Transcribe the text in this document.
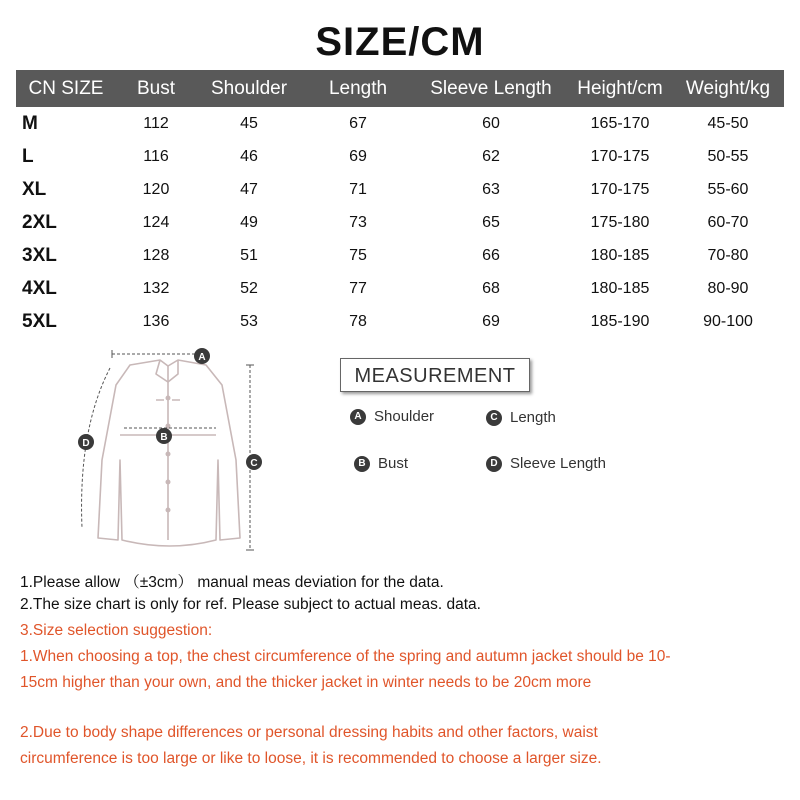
SIZE/CM
CN SIZE	Bust	Shoulder	Length	Sleeve Length	Height/cm	Weight/kg
M	112	45	67	60	165-170	45-50
L	116	46	69	62	170-175	50-55
XL	120	47	71	63	170-175	55-60
2XL	124	49	73	65	175-180	60-70
3XL	128	51	75	66	180-185	70-80
4XL	132	52	77	68	180-185	80-90
5XL	136	53	78	69	185-190	90-100
A
B
C
D
MEASUREMENT
A Shoulder	C Length
B Bust	D Sleeve Length
1.Please allow （±3cm） manual meas deviation for the data.
2.The size chart is only for ref. Please subject to actual meas. data.
3.Size selection suggestion:
1.When choosing a top, the chest circumference of the spring and autumn jacket should be 10-
15cm higher than your own, and the thicker jacket in winter needs to be 20cm more
2.Due to body shape differences or personal dressing habits and other factors, waist
circumference is too large or like to loose, it is recommended to choose a larger size.
